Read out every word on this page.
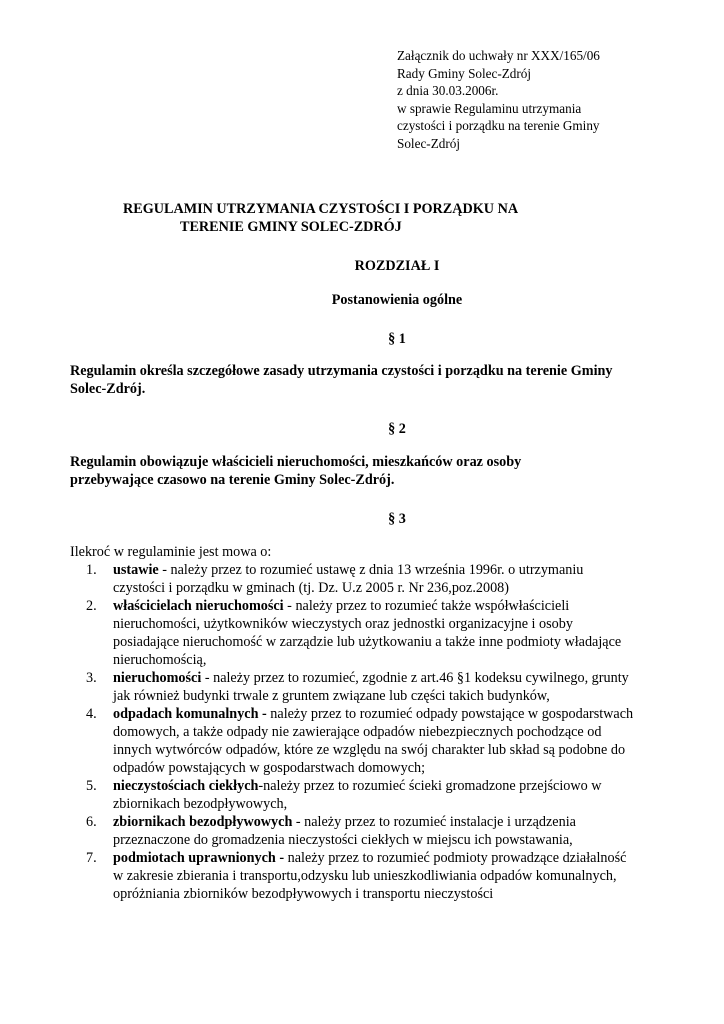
Załącznik do uchwały nr XXX/165/06
Rady Gminy Solec-Zdrój
z dnia 30.03.2006r.
w sprawie Regulaminu utrzymania
czystości i porządku na terenie Gminy
Solec-Zdrój
REGULAMIN UTRZYMANIA CZYSTOŚCI I PORZĄDKU NA
TERENIE GMINY SOLEC-ZDRÓJ
ROZDZIAŁ I
Postanowienia ogólne
§ 1
Regulamin określa szczegółowe zasady utrzymania czystości i porządku na terenie Gminy
Solec-Zdrój.
§ 2
Regulamin obowiązuje właścicieli nieruchomości, mieszkańców oraz osoby
przebywające czasowo na terenie Gminy Solec-Zdrój.
§ 3
Ilekroć w regulaminie jest mowa o:
1. ustawie - należy przez to rozumieć ustawę z dnia 13 września 1996r. o utrzymaniu
czystości i porządku w gminach (tj. Dz. U.z 2005 r. Nr 236,poz.2008)
2. właścicielach nieruchomości - należy przez to rozumieć także współwłaścicieli
nieruchomości, użytkowników wieczystych oraz jednostki organizacyjne i osoby
posiadające nieruchomość w zarządzie lub użytkowaniu a także inne podmioty władające
nieruchomością,
3. nieruchomości - należy przez to rozumieć, zgodnie z art.46 §1 kodeksu cywilnego, grunty
jak również budynki trwale z gruntem związane lub części takich budynków,
4. odpadach komunalnych - należy przez to rozumieć odpady powstające w gospodarstwach
domowych, a także odpady nie zawierające odpadów niebezpiecznych pochodzące od
innych wytwórców odpadów, które ze względu na swój charakter lub skład są podobne do
odpadów powstających w gospodarstwach domowych;
5. nieczystościach ciekłych-należy przez to rozumieć ścieki gromadzone przejściowo w
zbiornikach bezodpływowych,
6. zbiornikach bezodpływowych - należy przez to rozumieć instalacje i urządzenia
przeznaczone do gromadzenia nieczystości ciekłych w miejscu ich powstawania,
7. podmiotach uprawnionych - należy przez to rozumieć podmioty prowadzące działalność
w zakresie zbierania i transportu,odzysku lub unieszkodliwiania odpadów komunalnych,
opróżniania zbiorników bezodpływowych i transportu nieczystości
